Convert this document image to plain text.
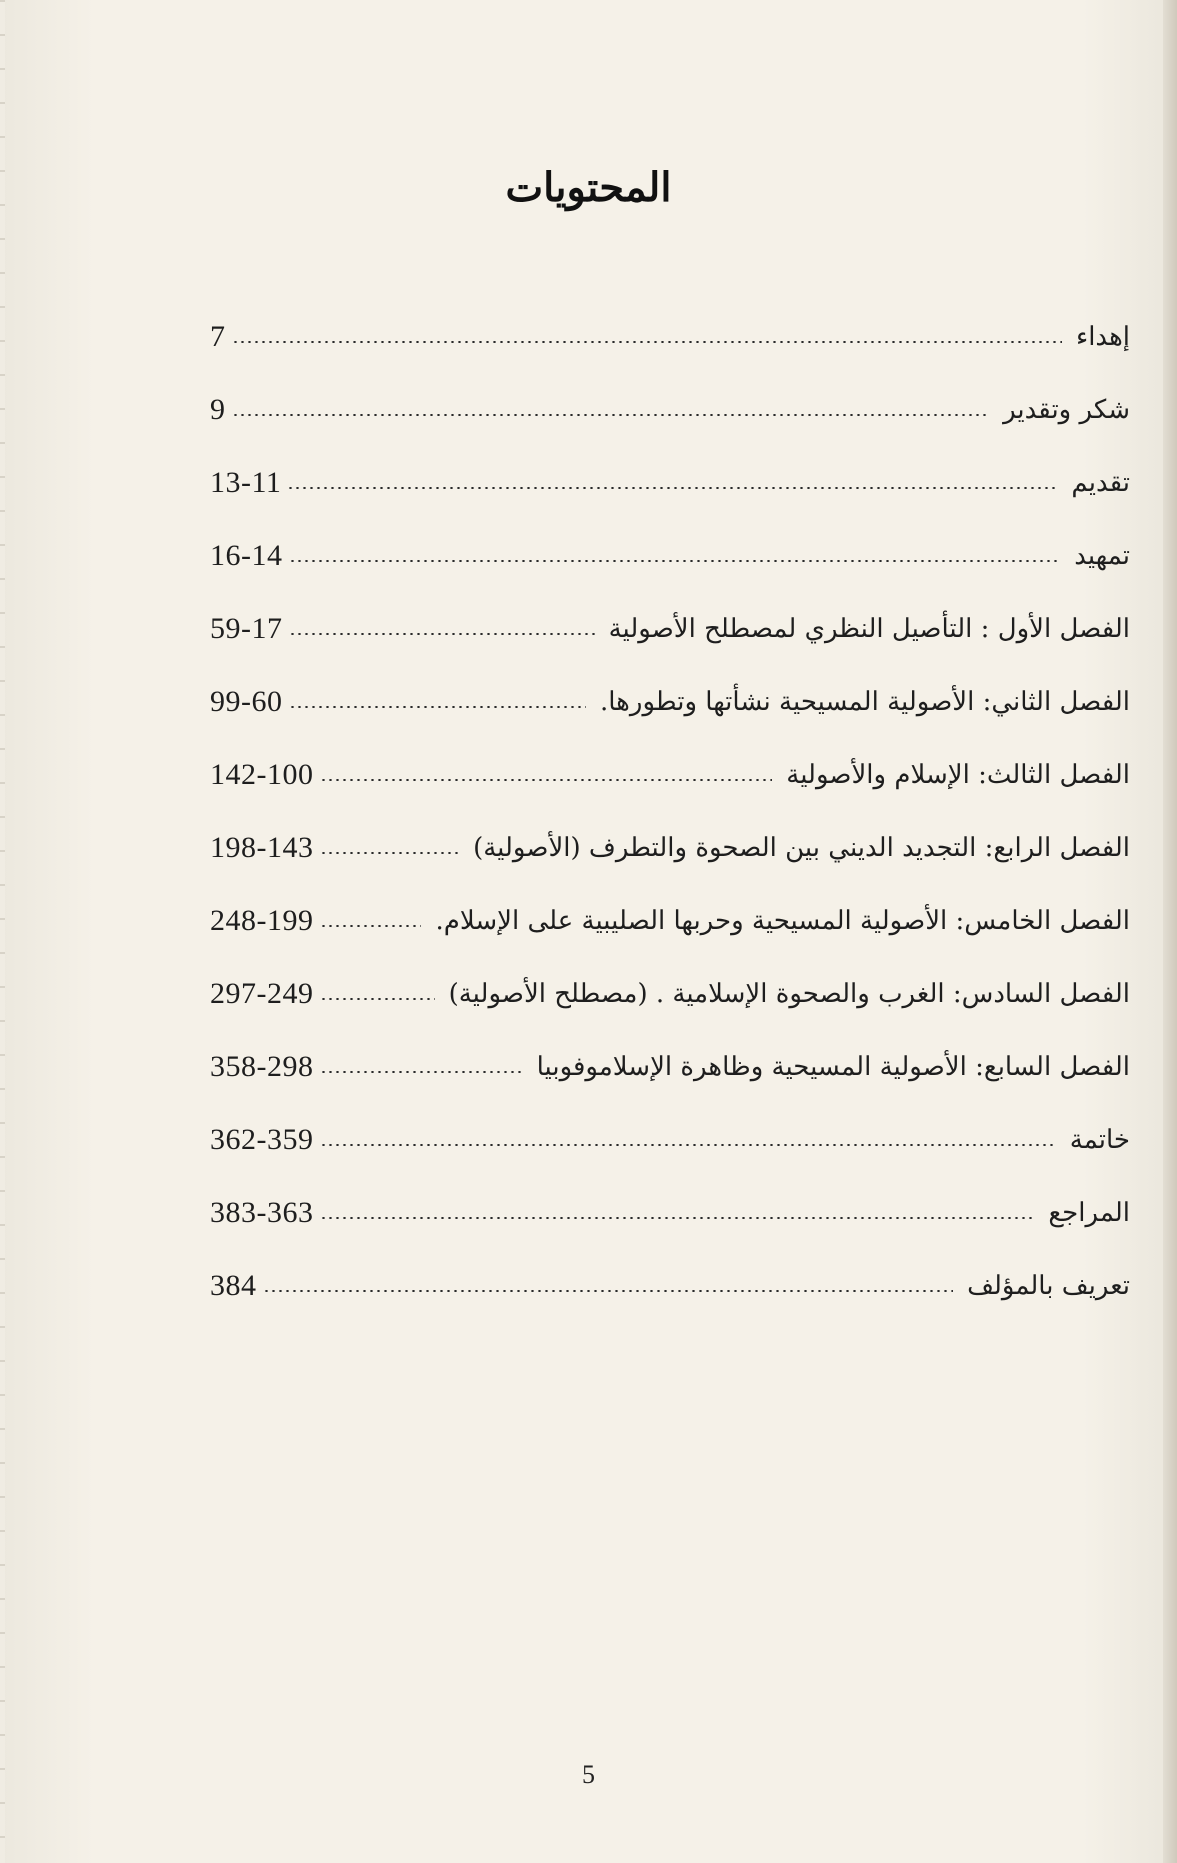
المحتويات
إهداء
7
شكر وتقدير
9
تقديم
13-11
تمهيد
16-14
الفصل الأول : التأصيل النظري لمصطلح الأصولية
59-17
الفصل الثاني: الأصولية المسيحية نشأتها وتطورها.
99-60
الفصل الثالث: الإسلام والأصولية
142-100
الفصل الرابع: التجديد الديني بين الصحوة والتطرف (الأصولية)
198-143
الفصل الخامس: الأصولية المسيحية وحربها الصليبية على الإسلام.
248-199
الفصل السادس: الغرب والصحوة الإسلامية . (مصطلح الأصولية)
297-249
الفصل السابع: الأصولية المسيحية وظاهرة الإسلاموفوبيا
358-298
خاتمة
362-359
المراجع
383-363
تعريف بالمؤلف
384
5
